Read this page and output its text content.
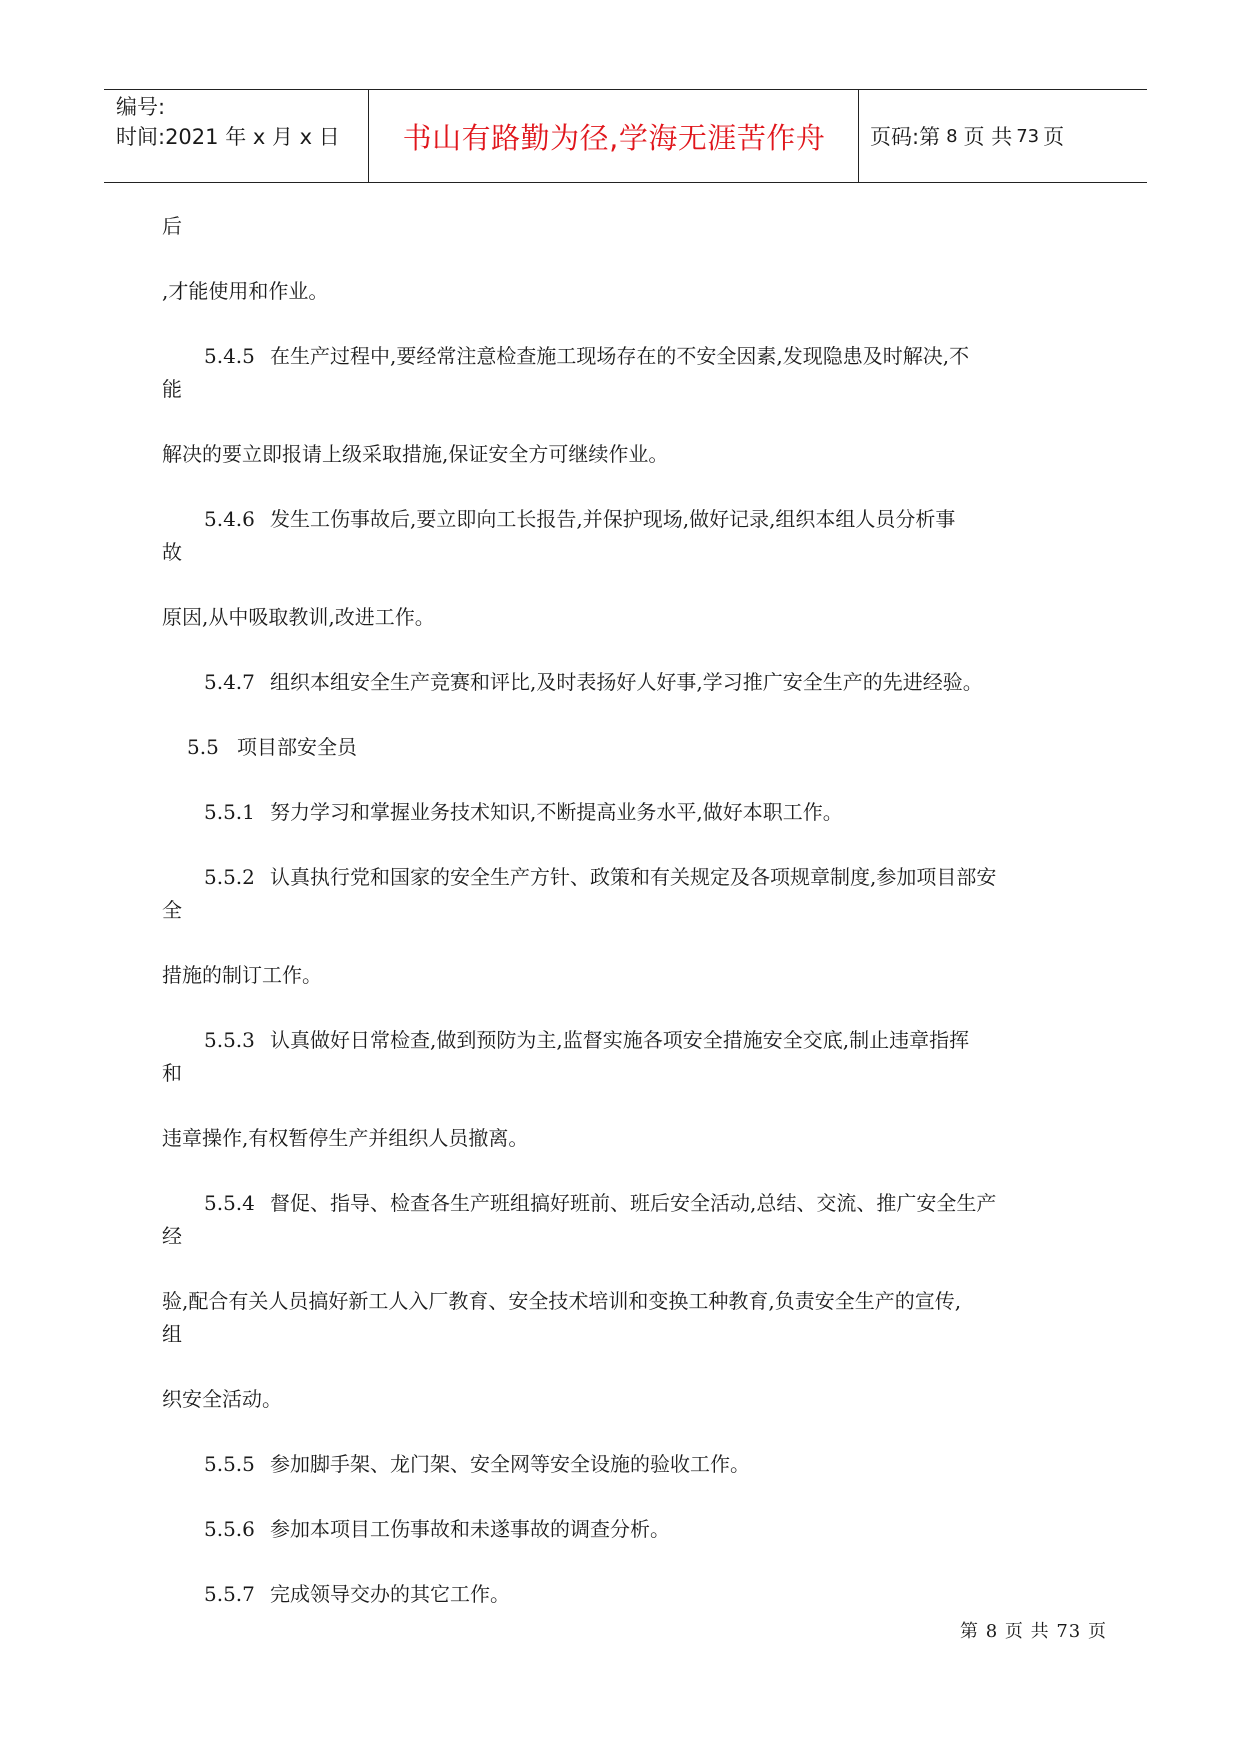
编号:
时间:2021 年 x 月 x 日	书山有路勤为径,学海无涯苦作舟	页码:第 8 页 共 73 页
后
,才能使用和作业。
5.4.5 在生产过程中,要经常注意检查施工现场存在的不安全因素,发现隐患及时解决,不
能
解决的要立即报请上级采取措施,保证安全方可继续作业。
5.4.6 发生工伤事故后,要立即向工长报告,并保护现场,做好记录,组织本组人员分析事
故
原因,从中吸取教训,改进工作。
5.4.7 组织本组安全生产竞赛和评比,及时表扬好人好事,学习推广安全生产的先进经验。
5.5 项目部安全员
5.5.1 努力学习和掌握业务技术知识,不断提高业务水平,做好本职工作。
5.5.2 认真执行党和国家的安全生产方针、政策和有关规定及各项规章制度,参加项目部安
全
措施的制订工作。
5.5.3 认真做好日常检查,做到预防为主,监督实施各项安全措施安全交底,制止违章指挥
和
违章操作,有权暂停生产并组织人员撤离。
5.5.4 督促、指导、检查各生产班组搞好班前、班后安全活动,总结、交流、推广安全生产
经
验,配合有关人员搞好新工人入厂教育、安全技术培训和变换工种教育,负责安全生产的宣传,
组
织安全活动。
5.5.5 参加脚手架、龙门架、安全网等安全设施的验收工作。
5.5.6 参加本项目工伤事故和未遂事故的调查分析。
5.5.7 完成领导交办的其它工作。
第 8 页 共 73 页
